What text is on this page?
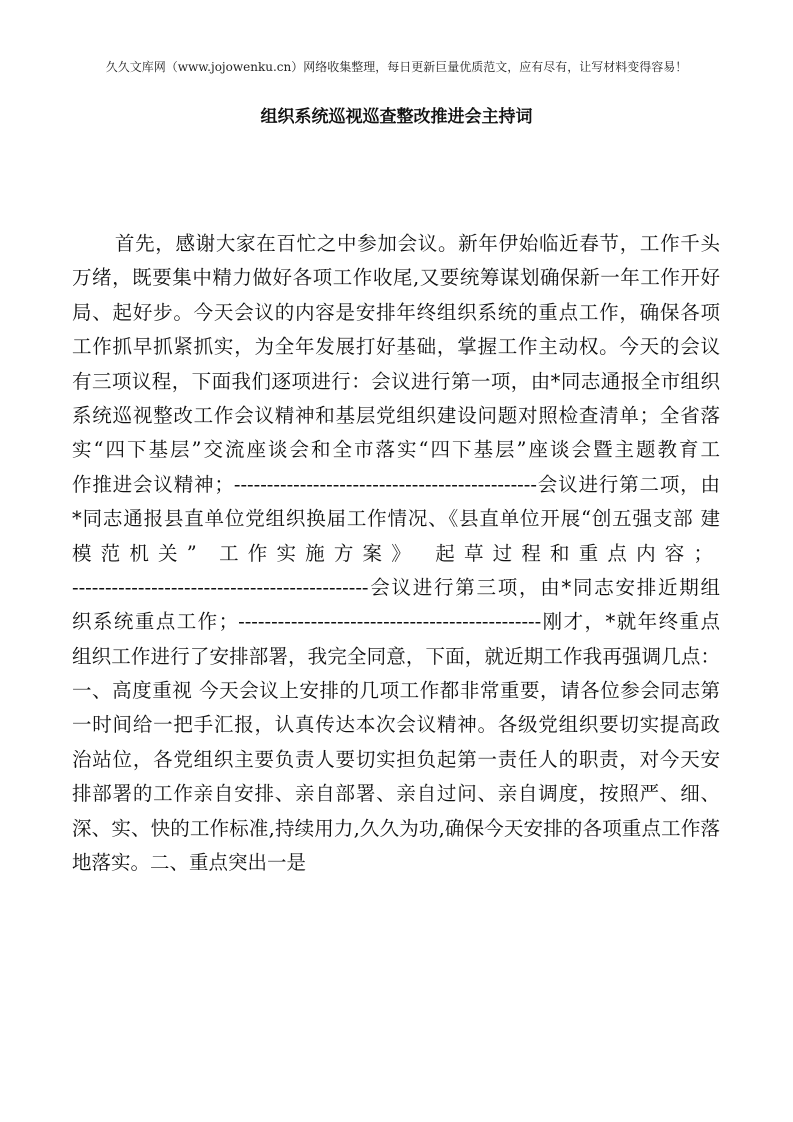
久久文库网（www.jojowenku.cn）网络收集整理，每日更新巨量优质范文，应有尽有，让写材料变得容易！
组织系统巡视巡查整改推进会主持词
首先，感谢大家在百忙之中参加会议。新年伊始临近春节，工作千头
万绪，既要集中精力做好各项工作收尾,又要统筹谋划确保新一年工作开好
局、起好步。今天会议的内容是安排年终组织系统的重点工作，确保各项
工作抓早抓紧抓实，为全年发展打好基础，掌握工作主动权。今天的会议
有三项议程，下面我们逐项进行：会议进行第一项，由*同志通报全市组织
系统巡视整改工作会议精神和基层党组织建设问题对照检查清单；全省落
实“四下基层”交流座谈会和全市落实“四下基层”座谈会暨主题教育工
作推进会议精神；----------------------------------------------会议进行第二项，由
*同志通报县直单位党组织换届工作情况、《县直单位开展“创五强支部 建
模范机关” 工作实施方案》 起草过程和重点内容；
---------------------------------------------会议进行第三项，由*同志安排近期组
织系统重点工作；----------------------------------------------刚才，*就年终重点
组织工作进行了安排部署，我完全同意，下面，就近期工作我再强调几点：
一、高度重视 今天会议上安排的几项工作都非常重要，请各位参会同志第
一时间给一把手汇报，认真传达本次会议精神。各级党组织要切实提高政
治站位，各党组织主要负责人要切实担负起第一责任人的职责，对今天安
排部署的工作亲自安排、亲自部署、亲自过问、亲自调度，按照严、细、
深、实、快的工作标准,持续用力,久久为功,确保今天安排的各项重点工作落
地落实。二、重点突出一是
